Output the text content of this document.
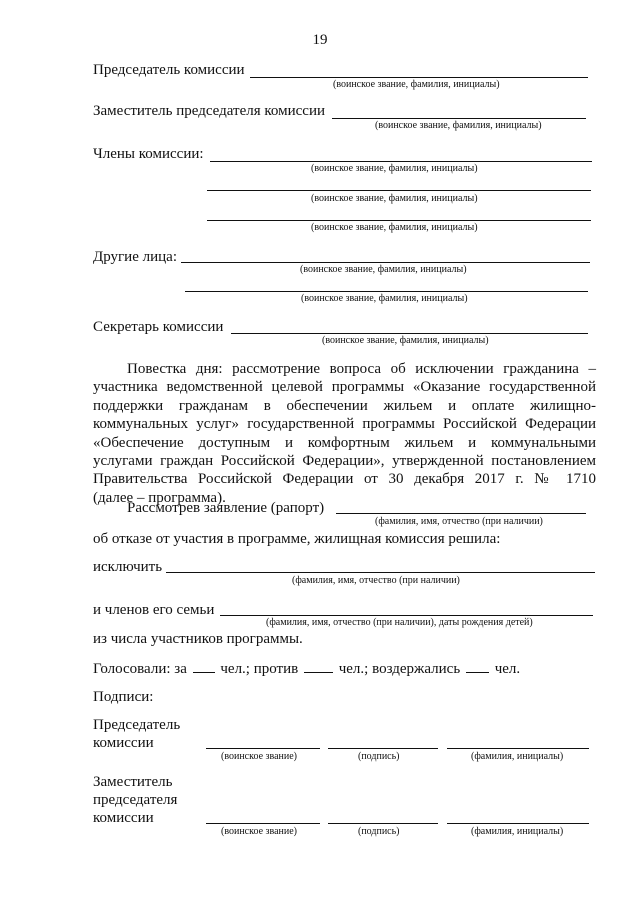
19
Председатель комиссии
(воинское звание, фамилия, инициалы)
Заместитель председателя комиссии
(воинское звание, фамилия, инициалы)
Члены комиссии:
(воинское звание, фамилия, инициалы)
(воинское звание, фамилия, инициалы)
(воинское звание, фамилия, инициалы)
Другие лица:
(воинское звание, фамилия, инициалы)
(воинское звание, фамилия, инициалы)
Секретарь комиссии
(воинское звание, фамилия, инициалы)
Повестка дня: рассмотрение вопроса об исключении гражданина –
участника ведомственной целевой программы «Оказание государственной
поддержки гражданам в обеспечении жильем и оплате жилищно-
коммунальных услуг» государственной программы Российской Федерации
«Обеспечение доступным и комфортным жильем и коммунальными
услугами граждан Российской Федерации», утвержденной постановлением
Правительства Российской Федерации от 30 декабря 2017 г. № 1710
(далее – программа).
Рассмотрев заявление (рапорт)
(фамилия, имя, отчество (при наличии)
об отказе от участия в программе, жилищная комиссия решила:
исключить
(фамилия, имя, отчество (при наличии)
и членов его семьи
(фамилия, имя, отчество (при наличии), даты рождения детей)
из числа участников программы.
Голосовали: за чел.; против	чел.; воздержались чел.
Подписи:
Председатель
комиссии
(воинское звание)	(подпись)	(фамилия, инициалы)
Заместитель
председателя
комиссии
(воинское звание)	(подпись)	(фамилия, инициалы)
